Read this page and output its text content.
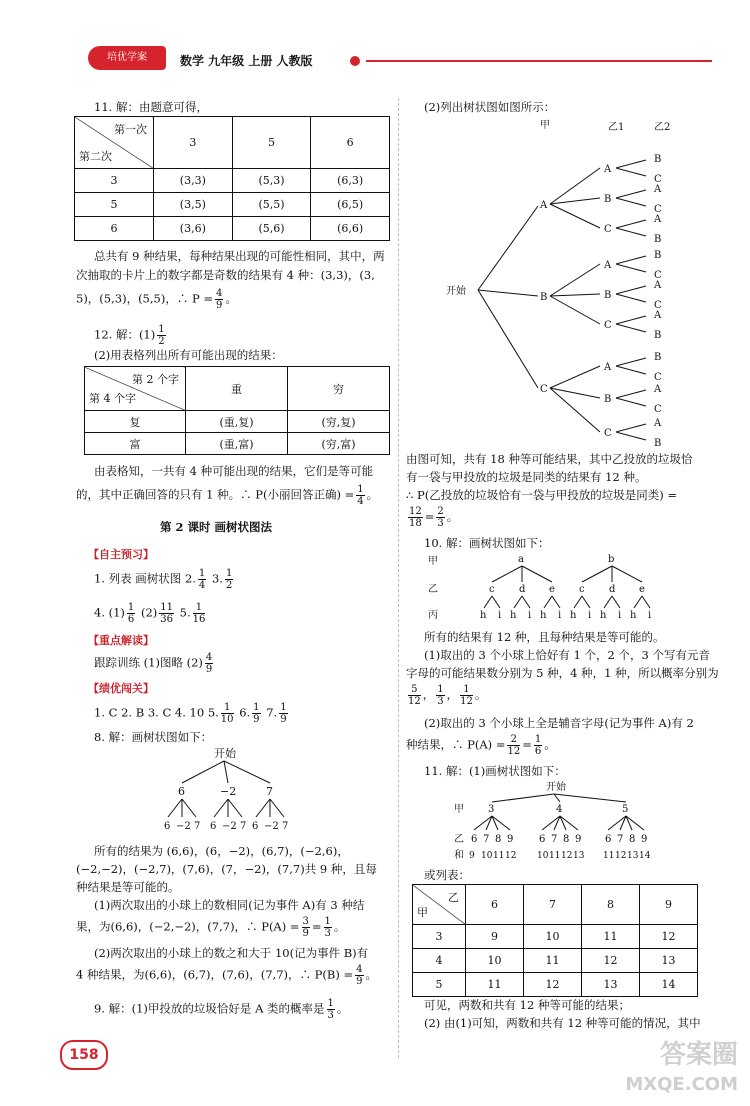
培优学案	数学 九年级 上册 人教版
11. 解：由题意可得，
第一次
第二次	3	5	6
3	(3,3)	(5,3)	(6,3)
5	(3,5)	(5,5)	(6,5)
6	(3,6)	(5,6)	(6,6)
总共有 9 种结果，每种结果出现的可能性相同，其中，两
次抽取的卡片上的数字都是奇数的结果有 4 种：(3,3)，(3,
5)，(5,3)，(5,5)，∴ $P = \frac{4}{9}$ 。
12. 解：$(1) \frac{1}{2}$
(2)用表格列出所有可能出现的结果：
第 2 个字
第 4 个字	重	穷
复	(重,复)	(穷,复)
富	(重,富)	(穷,富)
由表格知，一共有 4 种可能出现的结果，它们是等可能
的，其中正确回答的只有 1 种。∴ P(小丽回答正确) = $\frac{1}{4}$ 。
第 2 课时 画树状图法
【自主预习】
1. 列表 画树状图 2. $\frac{1}{4} 3$. $\frac{1}{2}$
4. $(1) \frac{1}{6} (2) \frac{11}{36} 5$. $\frac{1}{16}$
【重点解读】
跟踪训练 (1)图略 $(2) \frac{4}{9}$
【绩优闯关】
1. C 2. B 3. C 4. 10 5. $\frac{1}{10} 6$. $\frac{1}{9} 7$. $\frac{1}{9}$
8. 解：画树状图如下：
开始
6	−2	7
6 −2 7 6 −2 7 6 −2 7
所有的结果为 (6,6)，(6，−2)，(6,7)，(−2,6)，
(−2,−2)，(−2,7)，(7,6)，(7，−2)，(7,7)共 9 种，且每
种结果是等可能的。
(1)两次取出的小球上的数相同(记为事件 A)有 3 种结
果，为(6,6)，(−2,−2)，(7,7)，∴ $P(A) = \frac{3}{9} = \frac{1}{3}$ 。
(2)两次取出的小球上的数之和大于 10(记为事件 B)有
4 种结果，为(6,6)，(6,7)，(7,6)，(7,7)，∴ $P(B) = \frac{4}{9}$ 。
9. 解：(1)甲投放的垃圾恰好是 A 类的概率是 $\frac{1}{3}$ 。
158
(2)列出树状图如图所示：
甲	乙1	乙2
开始
A
B
C
A
B
C
A
B
C
A
B
C
B
C
A
C
A
B
B
C
A
C
A
B
B
C
A
C
A
B
由图可知，共有 18 种等可能结果，其中乙投放的垃圾恰
有一袋与甲投放的垃圾是同类的结果有 12 种。
∴ P(乙投放的垃圾恰有一袋与甲投放的垃圾是同类) =
$\frac{12}{18} = \frac{2}{3}$ 。
10. 解：画树状图如下：
甲
乙
丙
a	b
c
h i
d
h i
e
h i
c
h i
d
h i
e
h i
所有的结果有 12 种，且每种结果是等可能的。
(1)取出的 3 个小球上恰好有 1 个，2 个，3 个写有元音
字母的可能结果数分别为 5 种，4 种，1 种，所以概率分别为
$\frac{5}{12}$ ， $\frac{1}{3}$ ， $\frac{1}{12}$ 。
(2)取出的 3 个小球上全是辅音字母(记为事件 A)有 2
种结果，∴ $P(A) = \frac{2}{12} = \frac{1}{6}$ 。
11. 解：(1)画树状图如下：
开始
甲
乙
和
3	4	5
6
9
7
10
8
11
9
12
6
10
7
11
8
12
9
13
6
11
7
12
8
13
9
14
或列表：
乙
甲	6	7	8	9
3	9	10	11	12
4	10	11	12	13
5	11	12	13	14
可见，两数和共有 12 种等可能的结果；
(2) 由(1)可知，两数和共有 12 种等可能的情况，其中
答案圈
MXQE.COM
